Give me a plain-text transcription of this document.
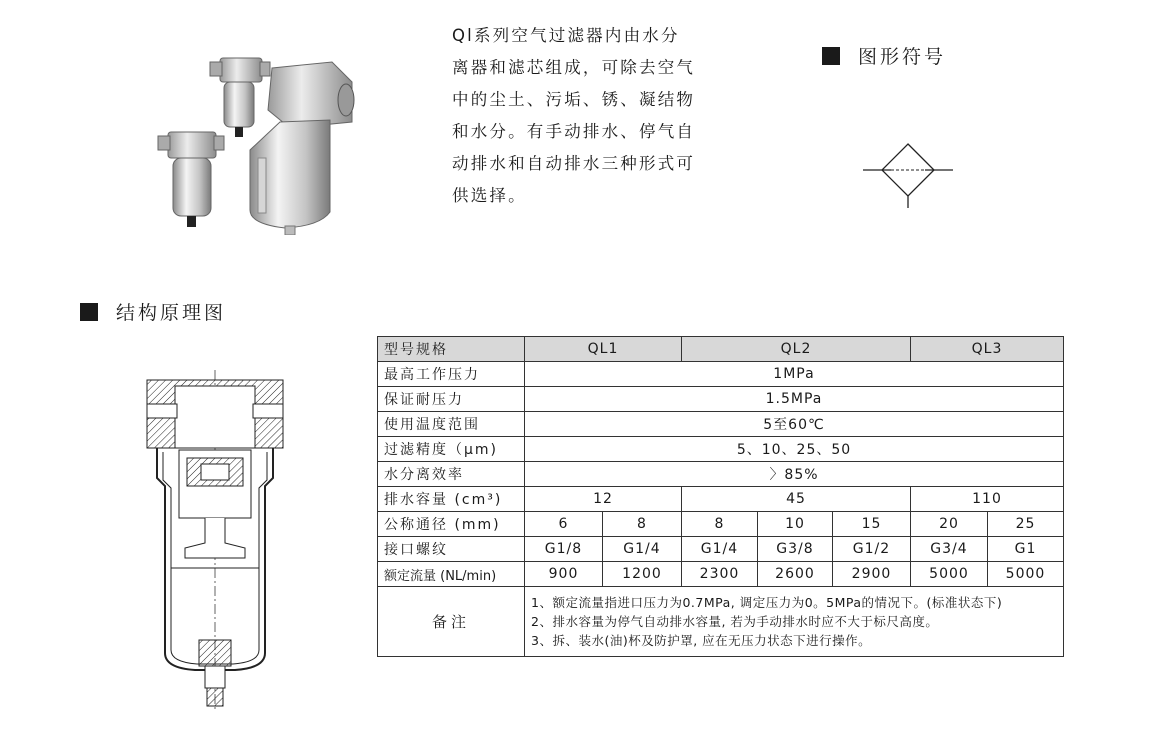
Ql系列空气过滤器内由水分

离器和滤芯组成，可除去空气

中的尘土、污垢、锈、凝结物

和水分。有手动排水、停气自

动排水和自动排水三种形式可

供选择。

图形符号
结构原理图
型号规格	QL1		QL2			QL3	
最高工作压力	1MPa						
保证耐压力	1.5MPa						
使用温度范围	5至60℃						
过滤精度（μm)	5、10、25、50						
水分离效率	〉85%						
排水容量 (cm³)	12		45			110	
公称通径 (mm)	6	8	8	10	15	20	25
接口螺纹	G1/8	G1/4	G1/4	G3/8	G1/2	G3/4	G1
额定流量 (NL/min)	900	1200	2300	2600	2900	5000	5000
备注	1、额定流量指进口压力为0.7MPa, 调定压力为0。5MPa的情况下。(标准状态下)
2、排水容量为停气自动排水容量, 若为手动排水时应不大于标尺高度。
3、拆、装水(油)杯及防护罩, 应在无压力状态下进行操作。						
